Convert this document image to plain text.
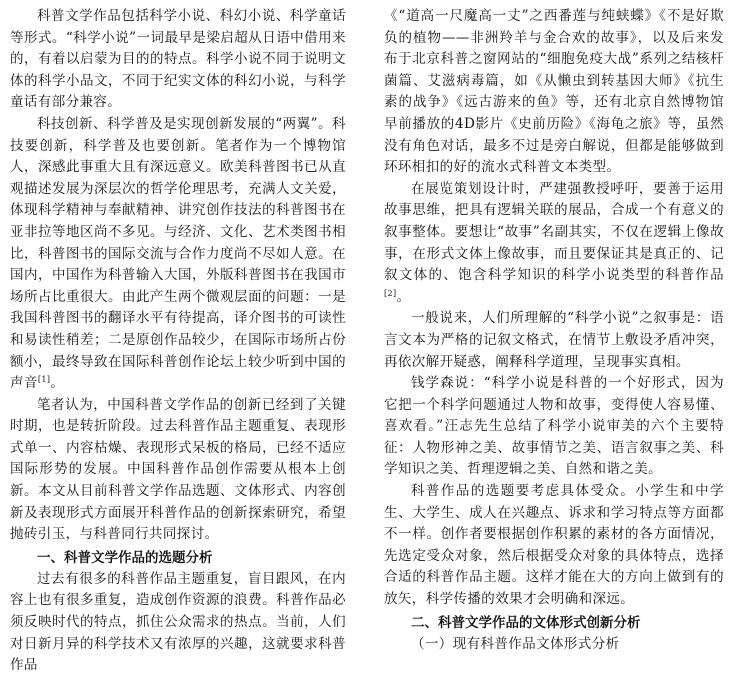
科普文学作品包括科学小说、科幻小说、科学童话等形式。“科学小说”一词最早是梁启超从日语中借用来的，有着以启蒙为目的的特点。科学小说不同于说明文体的科学小品文，不同于纪实文体的科幻小说，与科学童话有部分兼容。

科技创新、科学普及是实现创新发展的“两翼”。科技要创新，科学普及也要创新。笔者作为一个博物馆人，深感此事重大且有深远意义。欧美科普图书已从直观描述发展为深层次的哲学伦理思考，充满人文关爱，体现科学精神与奉献精神、讲究创作技法的科普图书在亚非拉等地区尚不多见。与经济、文化、艺术类图书相比，科普图书的国际交流与合作力度尚不尽如人意。在国内，中国作为科普输入大国，外版科普图书在我国市场所占比重很大。由此产生两个微观层面的问题：一是我国科普图书的翻译水平有待提高，译介图书的可读性和易读性稍差；二是原创作品较少，在国际市场所占份额小，最终导致在国际科普创作论坛上较少听到中国的声音[1]。

笔者认为，中国科普文学作品的创新已经到了关键时期，也是转折阶段。过去科普作品主题重复、表现形式单一、内容枯燥、表现形式呆板的格局，已经不适应国际形势的发展。中国科普作品创作需要从根本上创新。本文从目前科普文学作品选题、文体形式、内容创新及表现形式方面展开科普作品的创新探索研究，希望抛砖引玉，与科普同行共同探讨。

一、科普文学作品的选题分析

过去有很多的科普作品主题重复，盲目跟风，在内容上也有很多重复，造成创作资源的浪费。科普作品必须反映时代的特点，抓住公众需求的热点。当前，人们对日新月异的科学技术又有浓厚的兴趣，这就要求科普作品

《“道高一尺魔高一丈”之西番莲与纯蛱蝶》《不是好欺负的植物——非洲羚羊与金合欢的故事》，以及后来发布于北京科普之窗网站的“细胞免疫大战”系列之结核杆菌篇、艾滋病毒篇，如《从懒虫到转基因大师》《抗生素的战争》《远古游来的鱼》等，还有北京自然博物馆早前播放的4D影片《史前历险》《海龟之旅》等，虽然没有角色对话，最多不过是旁白解说，但都是能够做到环环相扣的好的流水式科普文本类型。

在展览策划设计时，严建强教授呼吁，要善于运用故事思维，把具有逻辑关联的展品，合成一个有意义的叙事整体。要想让“故事”名副其实，不仅在逻辑上像故事，在形式文体上像故事，而且要保证其是真正的、记叙文体的、饱含科学知识的科学小说类型的科普作品[2]。

一般说来，人们所理解的“科学小说”之叙事是：语言文本为严格的记叙文格式，在情节上敷设矛盾冲突，再依次解开疑惑，阐释科学道理，呈现事实真相。

钱学森说：“科学小说是科普的一个好形式，因为它把一个科学问题通过人物和故事，变得使人容易懂、喜欢看。”汪志先生总结了科学小说审美的六个主要特征：人物形神之美、故事情节之美、语言叙事之美、科学知识之美、哲理逻辑之美、自然和谐之美。

科普作品的选题要考虑具体受众。小学生和中学生、大学生、成人在兴趣点、诉求和学习特点等方面都不一样。创作者要根据创作积累的素材的各方面情况，先选定受众对象，然后根据受众对象的具体特点，选择合适的科普作品主题。这样才能在大的方向上做到有的放矢，科学传播的效果才会明确和深远。

二、科普文学作品的文体形式创新分析

（一）现有科普作品文体形式分析
